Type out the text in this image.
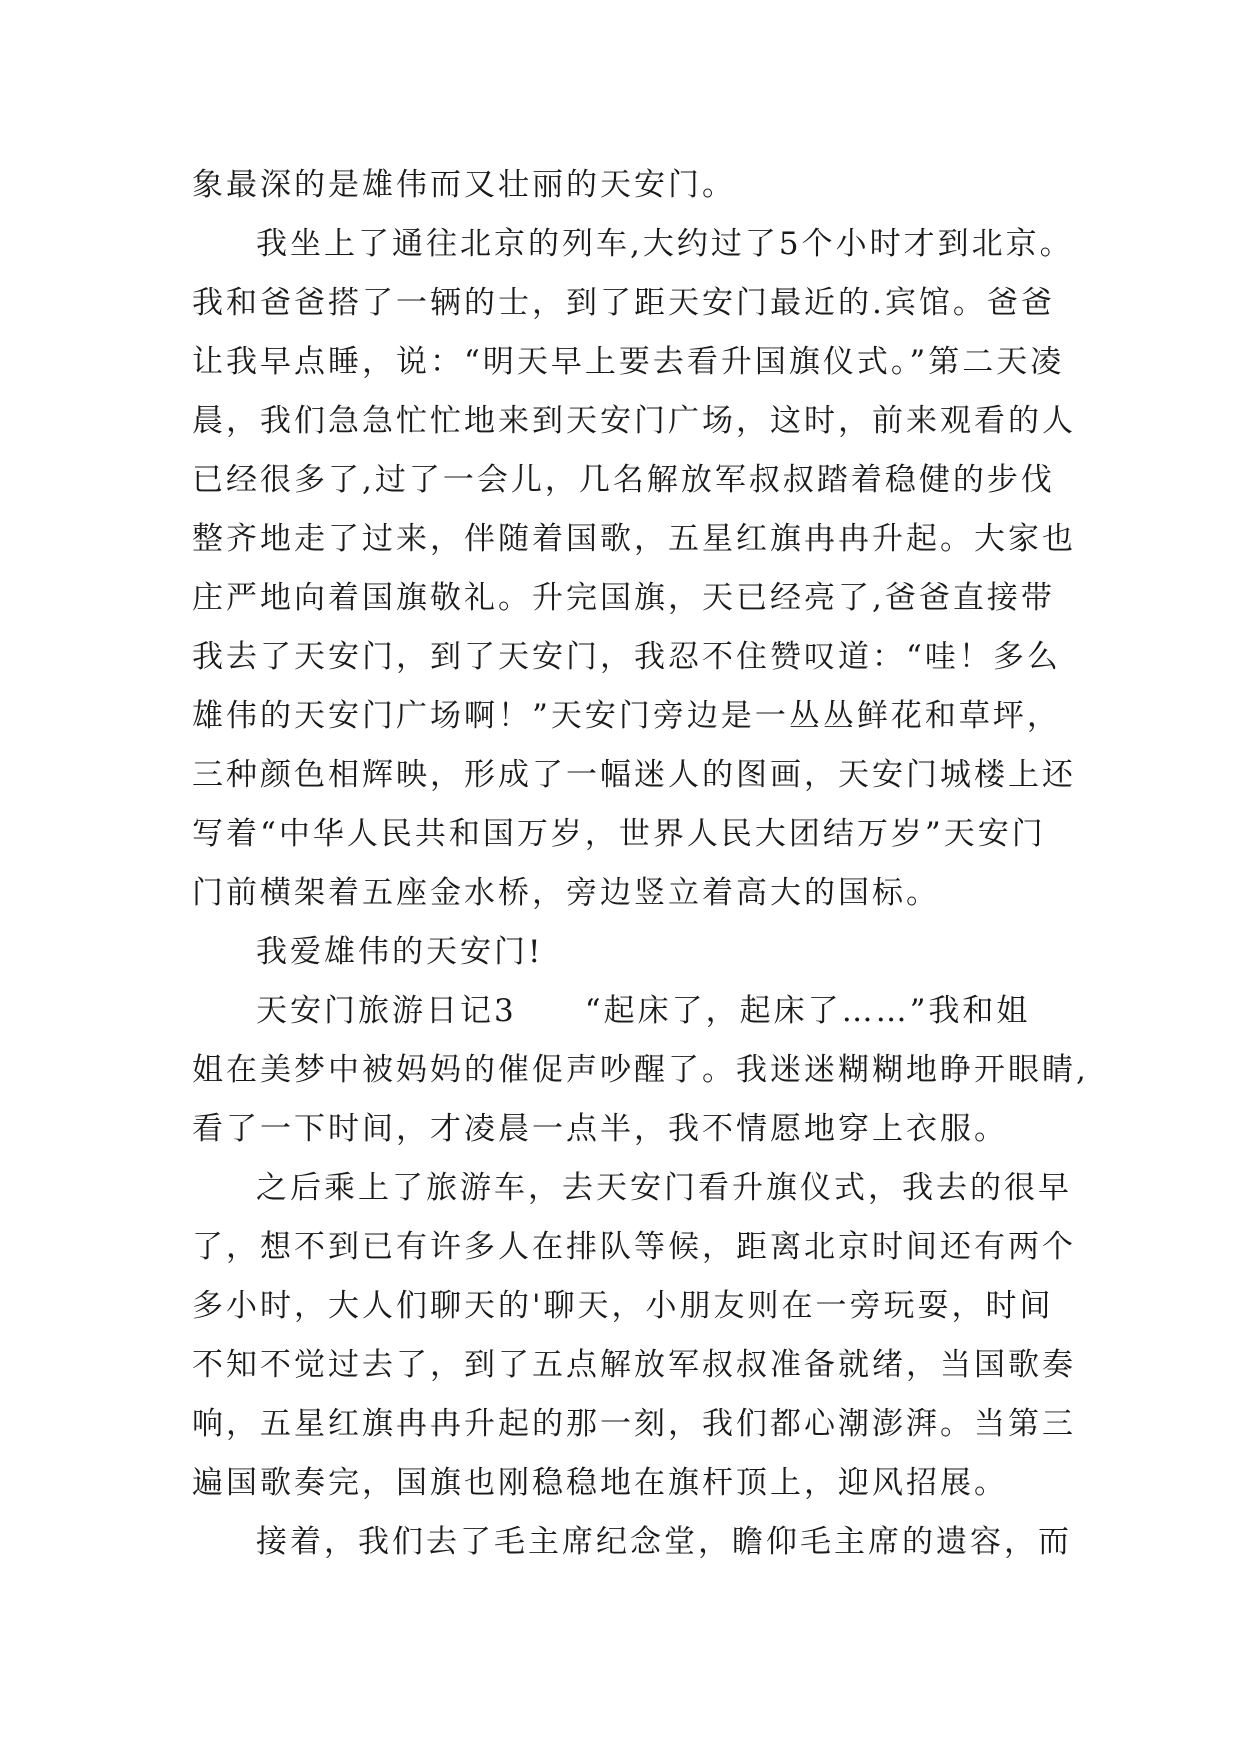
象最深的是雄伟而又壮丽的天安门。
我坐上了通往北京的列车,大约过了5个小时才到北京。
我和爸爸搭了一辆的士，到了距天安门最近的.宾馆。爸爸
让我早点睡，说：“明天早上要去看升国旗仪式。”第二天凌
晨，我们急急忙忙地来到天安门广场，这时，前来观看的人
已经很多了,过了一会儿，几名解放军叔叔踏着稳健的步伐
整齐地走了过来，伴随着国歌，五星红旗冉冉升起。大家也
庄严地向着国旗敬礼。升完国旗，天已经亮了,爸爸直接带
我去了天安门，到了天安门，我忍不住赞叹道：“哇！多么
雄伟的天安门广场啊！”天安门旁边是一丛丛鲜花和草坪，
三种颜色相辉映，形成了一幅迷人的图画，天安门城楼上还
写着“中华人民共和国万岁，世界人民大团结万岁”天安门
门前横架着五座金水桥，旁边竖立着高大的国标。
我爱雄伟的天安门!
天安门旅游日记3　　“起床了，起床了……”我和姐
姐在美梦中被妈妈的催促声吵醒了。我迷迷糊糊地睁开眼睛,
看了一下时间，才凌晨一点半，我不情愿地穿上衣服。
之后乘上了旅游车，去天安门看升旗仪式，我去的很早
了，想不到已有许多人在排队等候，距离北京时间还有两个
多小时，大人们聊天的'聊天，小朋友则在一旁玩耍，时间
不知不觉过去了，到了五点解放军叔叔准备就绪，当国歌奏
响，五星红旗冉冉升起的那一刻，我们都心潮澎湃。当第三
遍国歌奏完，国旗也刚稳稳地在旗杆顶上，迎风招展。
接着，我们去了毛主席纪念堂，瞻仰毛主席的遗容，而
